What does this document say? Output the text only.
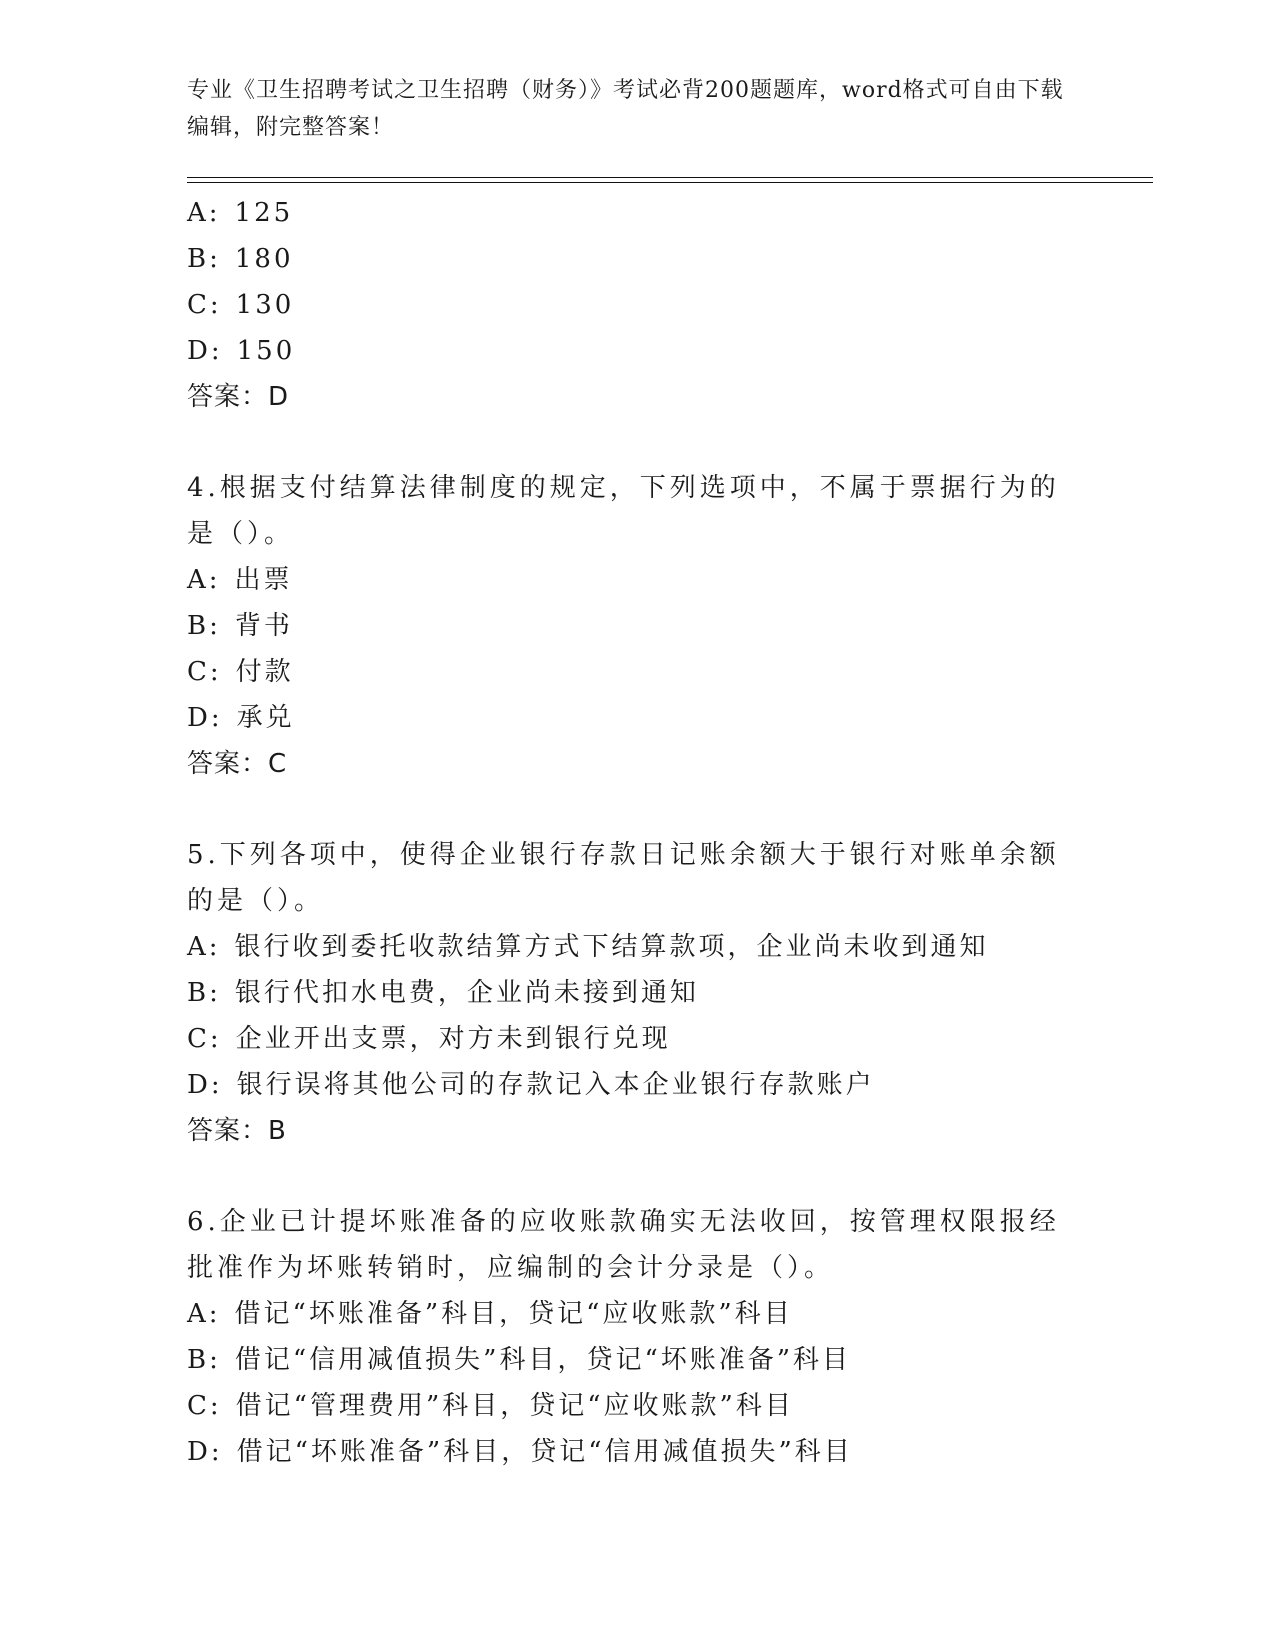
专业《卫生招聘考试之卫生招聘（财务）》考试必背200题题库，word格式可自由下载编辑，附完整答案！
A: 125
B: 180
C: 130
D: 150
答案：D
4.根据支付结算法律制度的规定，下列选项中，不属于票据行为的是（）。
A: 出票
B: 背书
C: 付款
D: 承兑
答案：C
5.下列各项中，使得企业银行存款日记账余额大于银行对账单余额的是（）。
A: 银行收到委托收款结算方式下结算款项，企业尚未收到通知
B: 银行代扣水电费，企业尚未接到通知
C: 企业开出支票，对方未到银行兑现
D: 银行误将其他公司的存款记入本企业银行存款账户
答案：B
6.企业已计提坏账准备的应收账款确实无法收回，按管理权限报经批准作为坏账转销时，应编制的会计分录是（）。
A: 借记“坏账准备”科目，贷记“应收账款”科目
B: 借记“信用减值损失”科目，贷记“坏账准备”科目
C: 借记“管理费用”科目，贷记“应收账款”科目
D: 借记“坏账准备”科目，贷记“信用减值损失”科目
